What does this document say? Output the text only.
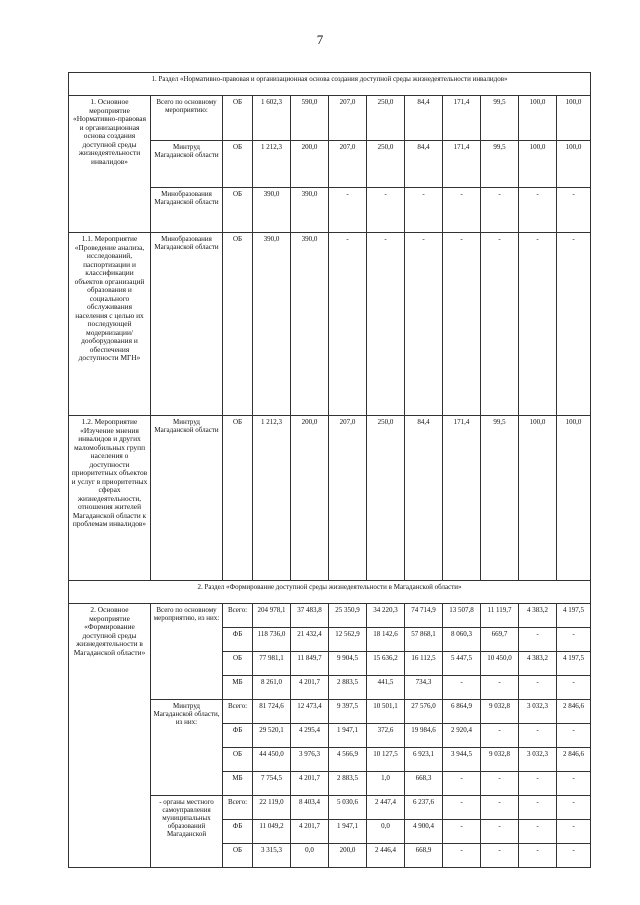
7
1. Раздел «Нормативно-правовая и организационная основа создания доступной среды жизнедеятельности инвалидов»											
1. Основное мероприятие «Нормативно-правовая и организационная основа создания доступной среды жизнедеятельности инвалидов»	Всего по основному мероприятию:	ОБ	1 602,3	590,0	207,0	250,0	84,4	171,4	99,5	100,0	100,0
	Минтруд Магаданской области	ОБ	1 212,3	200,0	207,0	250,0	84,4	171,4	99,5	100,0	100,0
	Минобразования Магаданской области	ОБ	390,0	390,0	-	-	-	-	-	-	-
1.1. Мероприятие «Проведение анализа, исследований, паспортизации и классификации объектов организаций образования и социального обслуживания населения с целью их последующей модернизации/ дооборудования и обеспечения доступности МГН»	Минобразования Магаданской области	ОБ	390,0	390,0	-	-	-	-	-	-	-
1.2. Мероприятие «Изучение мнения инвалидов и других маломобильных групп населения о доступности приоритетных объектов и услуг в приоритетных сферах жизнедеятельности, отношения жителей Магаданской области к проблемам инвалидов»	Минтруд Магаданской области	ОБ	1 212,3	200,0	207,0	250,0	84,4	171,4	99,5	100,0	100,0
2. Раздел «Формирование доступной среды жизнедеятельности в Магаданской области»											
2. Основное мероприятие «Формирование доступной среды жизнедеятельности в Магаданской области»	Всего по основному мероприятию, из них:	Всего:	204 978,1	37 483,8	25 350,9	34 220,3	74 714,9	13 507,8	11 119,7	4 383,2	4 197,5
		ФБ	118 736,0	21 432,4	12 562,9	18 142,6	57 868,1	8 060,3	669,7	-	-
		ОБ	77 981,1	11 849,7	9 904,5	15 636,2	16 112,5	5 447,5	10 450,0	4 383,2	4 197,5
		МБ	8 261,0	4 201,7	2 883,5	441,5	734,3	-	-	-	-
	Минтруд Магаданской области, из них:	Всего:	81 724,6	12 473,4	9 397,5	10 501,1	27 576,0	6 864,9	9 032,8	3 032,3	2 846,6
		ФБ	29 520,1	4 295,4	1 947,1	372,6	19 984,6	2 920,4	-	-	-
		ОБ	44 450,0	3 976,3	4 566,9	10 127,5	6 923,1	3 944,5	9 032,8	3 032,3	2 846,6
		МБ	7 754,5	4 201,7	2 883,5	1,0	668,3	-	-	-	-
	- органы местного самоуправления муниципальных образований Магаданской	Всего:	22 119,0	8 403,4	5 030,6	2 447,4	6 237,6	-	-	-	-
		ФБ	11 049,2	4 201,7	1 947,1	0,0	4 900,4	-	-	-	-
		ОБ	3 315,3	0,0	200,0	2 446,4	668,9	-	-	-	-
